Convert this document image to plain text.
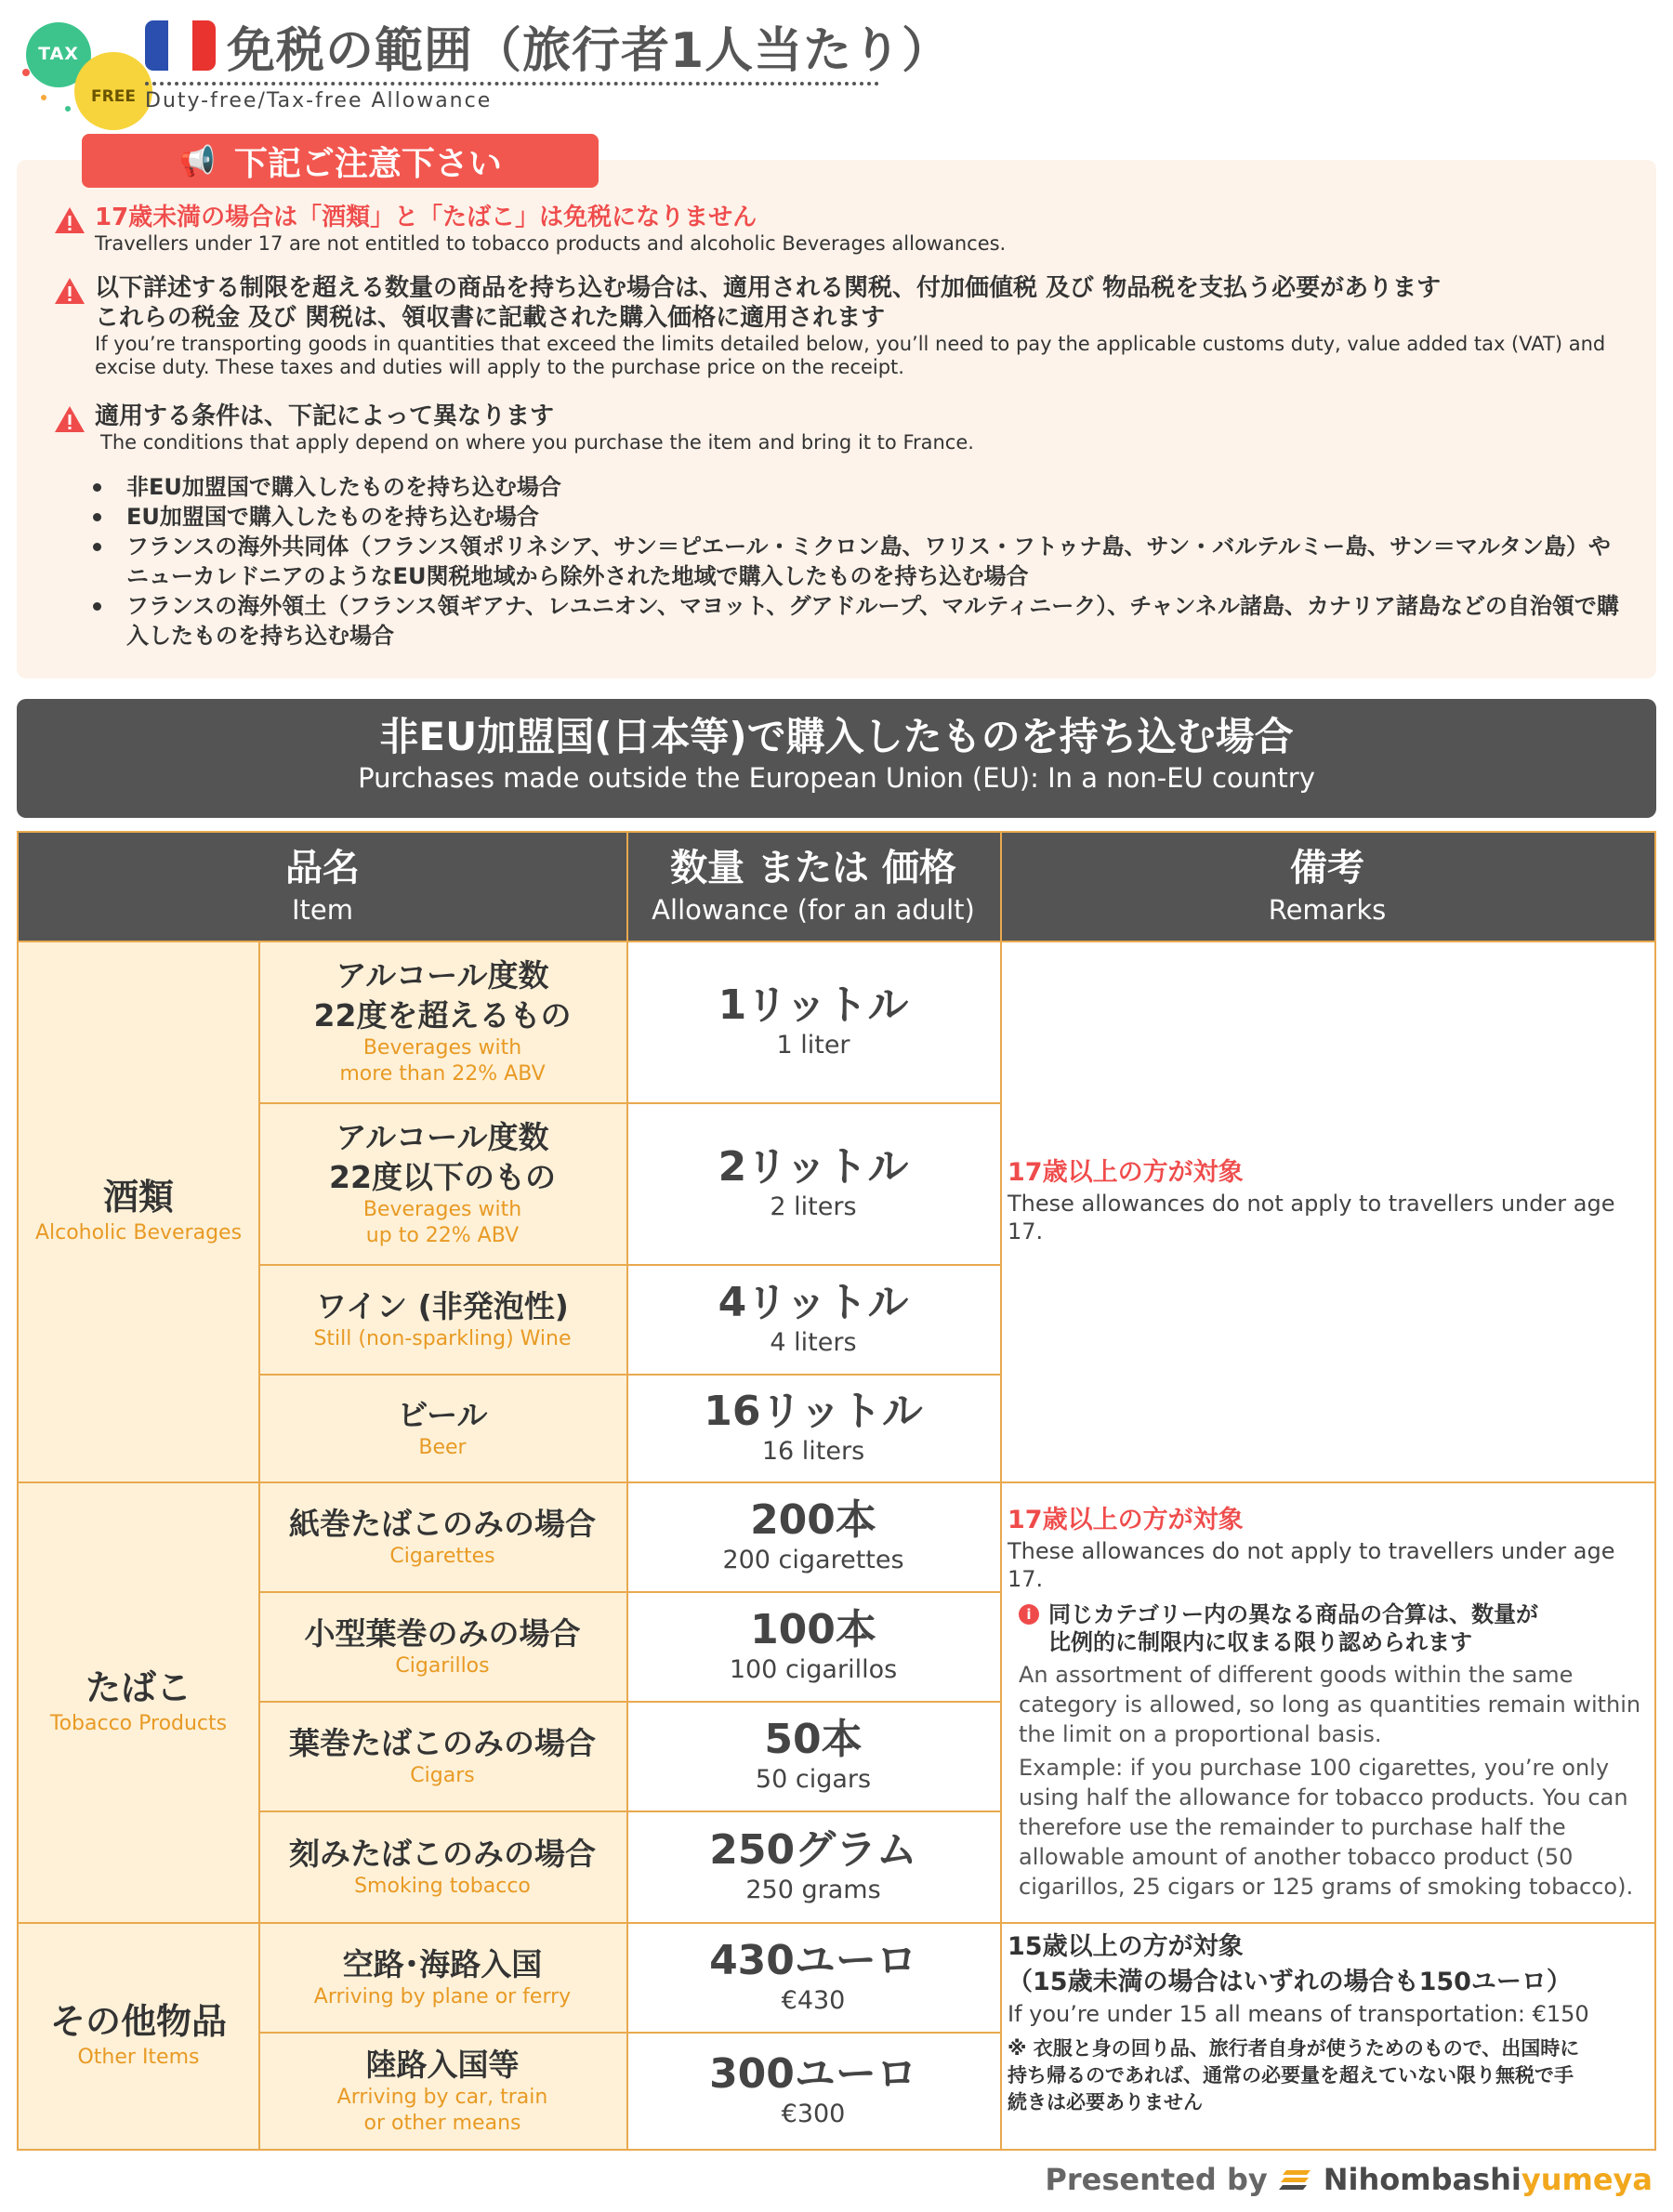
TAX
FREE
免税の範囲（旅行者1人当たり）
Duty-free/Tax-free Allowance
17歳未満の場合は「酒類」と「たばこ」は免税になりません
Travellers under 17 are not entitled to tobacco products and alcoholic Beverages allowances.
以下詳述する制限を超える数量の商品を持ち込む場合は、適用される関税、付加価値税 及び 物品税を支払う必要があります
これらの税金 及び 関税は、領収書に記載された購入価格に適用されます
If you’re transporting goods in quantities that exceed the limits detailed below, you’ll need to pay the applicable customs duty, value added tax (VAT) and
excise duty. These taxes and duties will apply to the purchase price on the receipt.
適用する条件は、下記によって異なります
The conditions that apply depend on where you purchase the item and bring it to France.
非EU加盟国で購入したものを持ち込む場合
EU加盟国で購入したものを持ち込む場合
フランスの海外共同体（フランス領ポリネシア、サン＝ピエール・ミクロン島、ワリス・フトゥナ島、サン・バルテルミー島、サン＝マルタン島）やニューカレドニアのようなEU関税地域から除外された地域で購入したものを持ち込む場合
フランスの海外領土（フランス領ギアナ、レユニオン、マヨット、グアドループ、マルティニーク）、チャンネル諸島、カナリア諸島などの自治領で購入したものを持ち込む場合
📢 下記ご注意下さい
非EU加盟国(日本等)で購入したものを持ち込む場合
Purchases made outside the European Union (EU): In a non-EU country
品名
Item
数量 または 価格
Allowance (for an adult)
備考
Remarks
酒類
Alcoholic Beverages
たばこ
Tobacco Products
その他物品
Other Items
アルコール度数
22度を超えるもの
Beverages with
more than 22% ABV
1リットル
1 liter
アルコール度数
22度以下のもの
Beverages with
up to 22% ABV
2リットル
2 liters
ワイン (非発泡性)
Still (non-sparkling) Wine
4リットル
4 liters
ビール
Beer
16リットル
16 liters
紙巻たばこのみの場合
Cigarettes
200本
200 cigarettes
小型葉巻のみの場合
Cigarillos
100本
100 cigarillos
葉巻たばこのみの場合
Cigars
50本
50 cigars
刻みたばこのみの場合
Smoking tobacco
250グラム
250 grams
空路･海路入国
Arriving by plane or ferry
430ユーロ
€430
陸路入国等
Arriving by car, train
or other means
300ユーロ
€300
17歳以上の方が対象
These allowances do not apply to travellers under age 17.
17歳以上の方が対象
These allowances do not apply to travellers under age 17.
i 同じカテゴリー内の異なる商品の合算は、数量が
比例的に制限内に収まる限り認められます
An assortment of different goods within the same
category is allowed, so long as quantities remain within
the limit on a proportional basis.
Example: if you purchase 100 cigarettes, you’re only
using half the allowance for tobacco products. You can
therefore use the remainder to purchase half the
allowable amount of another tobacco product (50
cigarillos, 25 cigars or 125 grams of smoking tobacco).
15歳以上の方が対象
（15歳未満の場合はいずれの場合も150ユーロ）
If you’re under 15 all means of transportation: €150
※ 衣服と身の回り品、旅行者自身が使うためのもので、出国時に
持ち帰るのであれば、通常の必要量を超えていない限り無税で手
続きは必要ありません
Presented by Nihombashiyumeya
